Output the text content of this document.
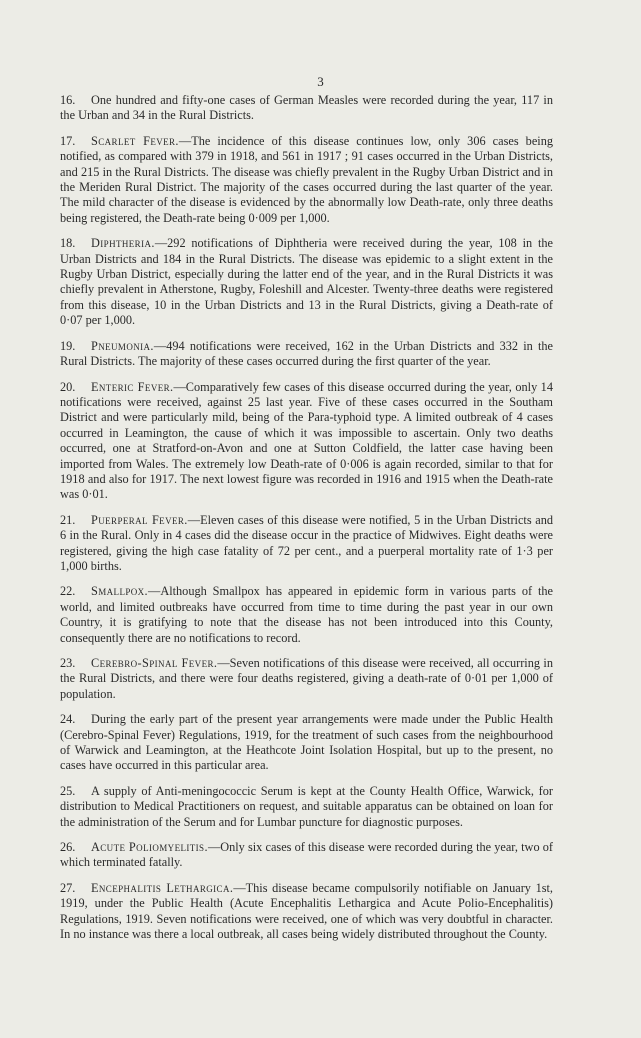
3

16. One hundred and fifty-one cases of German Measles were recorded during the year, 117 in the Urban and 34 in the Rural Districts.

17. Scarlet Fever.—The incidence of this disease continues low, only 306 cases being notified, as compared with 379 in 1918, and 561 in 1917 ; 91 cases occurred in the Urban Districts, and 215 in the Rural Districts. The disease was chiefly prevalent in the Rugby Urban District and in the Meriden Rural District. The majority of the cases occurred during the last quarter of the year. The mild character of the disease is evidenced by the abnormally low Death-rate, only three deaths being registered, the Death-rate being 0·009 per 1,000.

18. Diphtheria.—292 notifications of Diphtheria were received during the year, 108 in the Urban Districts and 184 in the Rural Districts. The disease was epidemic to a slight extent in the Rugby Urban District, especially during the latter end of the year, and in the Rural Districts it was chiefly prevalent in Atherstone, Rugby, Foleshill and Alcester. Twenty-three deaths were registered from this disease, 10 in the Urban Districts and 13 in the Rural Districts, giving a Death-rate of 0·07 per 1,000.

19. Pneumonia.—494 notifications were received, 162 in the Urban Districts and 332 in the Rural Districts. The majority of these cases occurred during the first quarter of the year.

20. Enteric Fever.—Comparatively few cases of this disease occurred during the year, only 14 notifications were received, against 25 last year. Five of these cases occurred in the Southam District and were particularly mild, being of the Para-typhoid type. A limited outbreak of 4 cases occurred in Leamington, the cause of which it was impossible to ascertain. Only two deaths occurred, one at Stratford-on-Avon and one at Sutton Coldfield, the latter case having been imported from Wales. The extremely low Death-rate of 0·006 is again recorded, similar to that for 1918 and also for 1917. The next lowest figure was recorded in 1916 and 1915 when the Death-rate was 0·01.

21. Puerperal Fever.—Eleven cases of this disease were notified, 5 in the Urban Districts and 6 in the Rural. Only in 4 cases did the disease occur in the practice of Midwives. Eight deaths were registered, giving the high case fatality of 72 per cent., and a puerperal mortality rate of 1·3 per 1,000 births.

22. Smallpox.—Although Smallpox has appeared in epidemic form in various parts of the world, and limited outbreaks have occurred from time to time during the past year in our own Country, it is gratifying to note that the disease has not been introduced into this County, consequently there are no notifications to record.

23. Cerebro-Spinal Fever.—Seven notifications of this disease were received, all occurring in the Rural Districts, and there were four deaths registered, giving a death-rate of 0·01 per 1,000 of population.

24. During the early part of the present year arrangements were made under the Public Health (Cerebro-Spinal Fever) Regulations, 1919, for the treatment of such cases from the neighbourhood of Warwick and Leamington, at the Heathcote Joint Isolation Hospital, but up to the present, no cases have occurred in this particular area.

25. A supply of Anti-meningococcic Serum is kept at the County Health Office, Warwick, for distribution to Medical Practitioners on request, and suitable apparatus can be obtained on loan for the administration of the Serum and for Lumbar puncture for diagnostic purposes.

26. Acute Poliomyelitis.—Only six cases of this disease were recorded during the year, two of which terminated fatally.

27. Encephalitis Lethargica.—This disease became compulsorily notifiable on January 1st, 1919, under the Public Health (Acute Encephalitis Lethargica and Acute Polio-Encephalitis) Regulations, 1919. Seven notifications were received, one of which was very doubtful in character. In no instance was there a local outbreak, all cases being widely distributed throughout the County.
